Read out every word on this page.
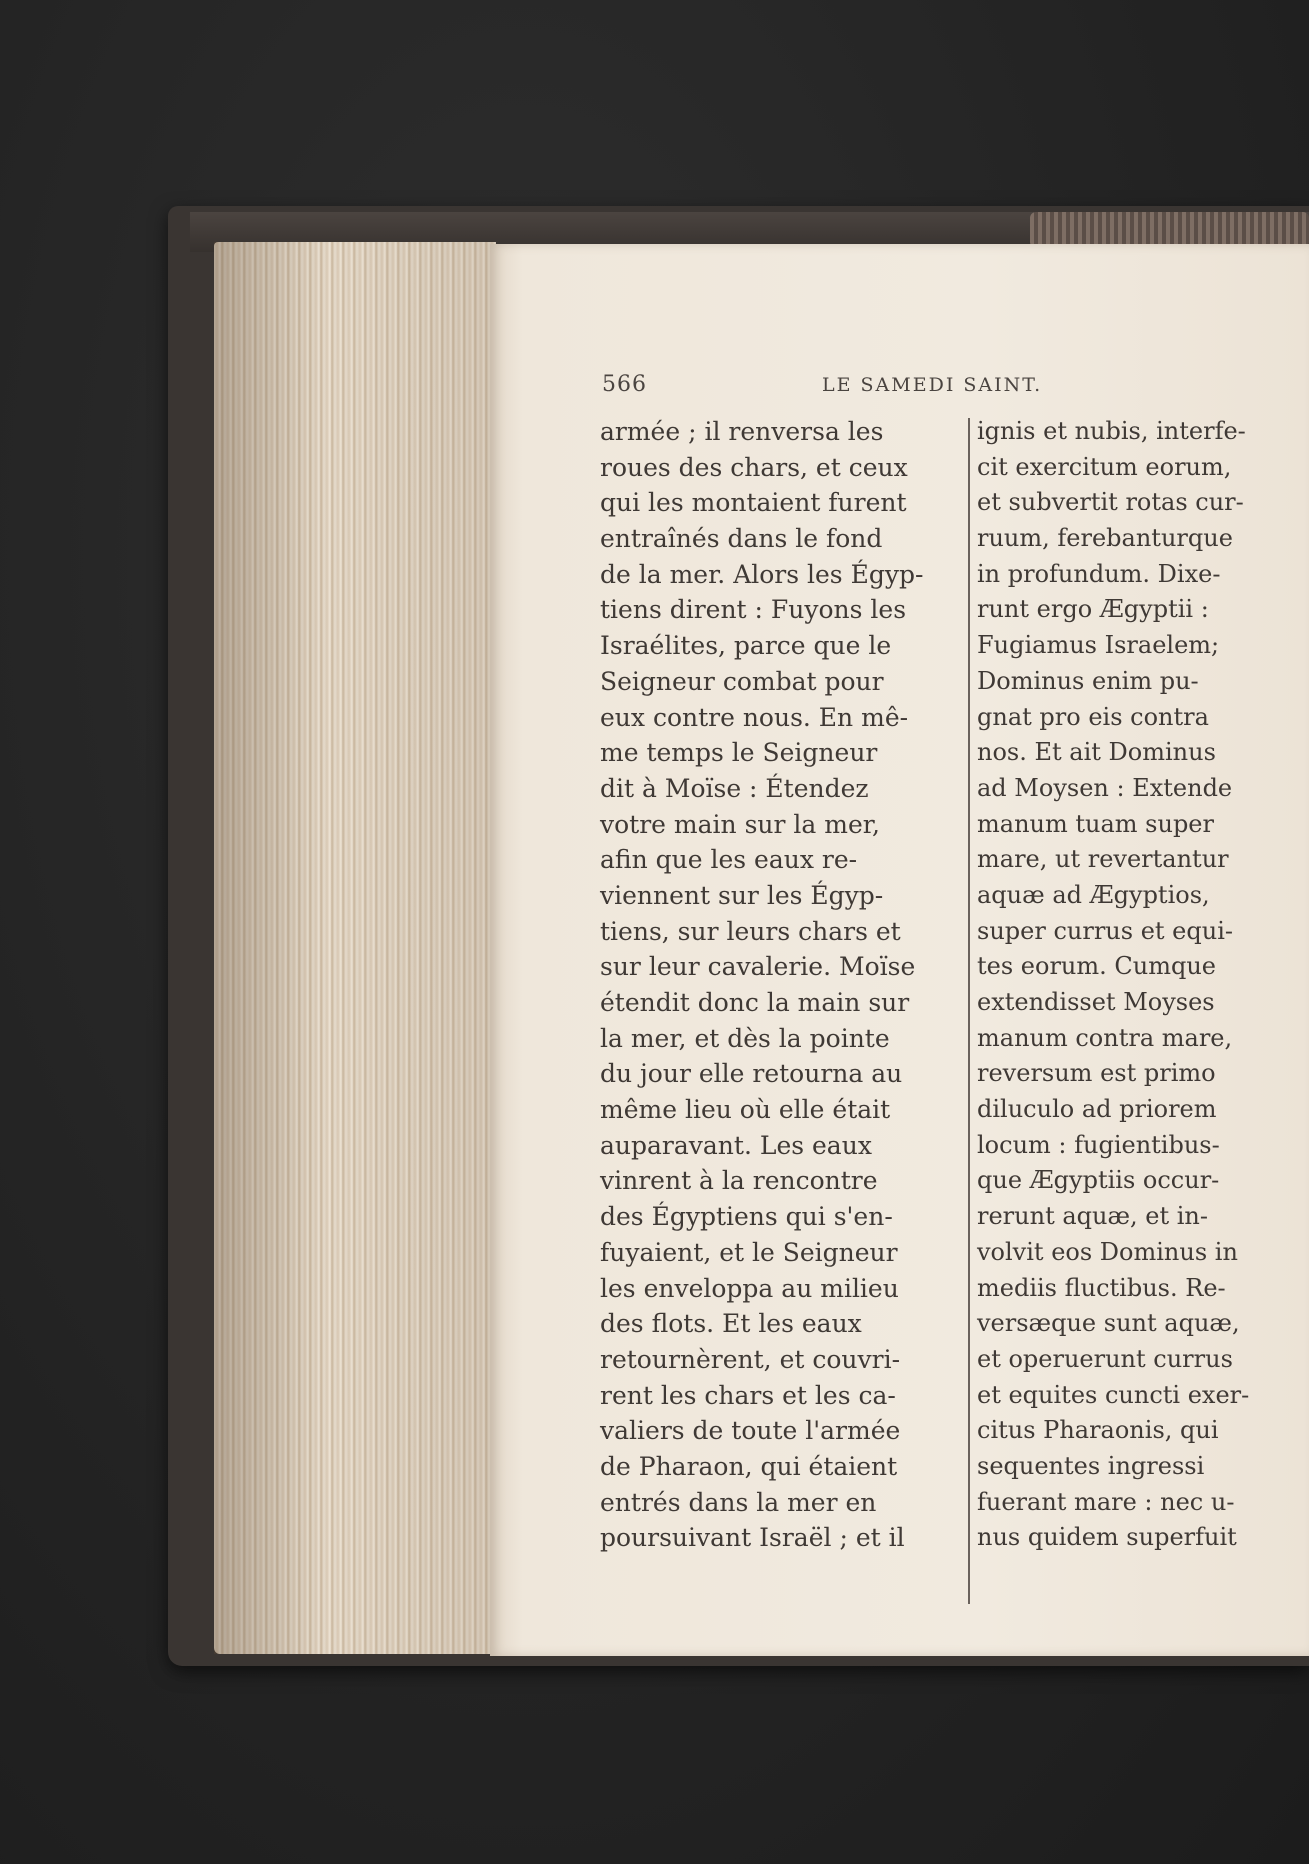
566	LE SAMEDI SAINT.
armée ; il renversa les
roues des chars, et ceux
qui les montaient furent
entraînés dans le fond
de la mer. Alors les Égyp-
tiens dirent : Fuyons les
Israélites, parce que le
Seigneur combat pour
eux contre nous. En mê-
me temps le Seigneur
dit à Moïse : Étendez
votre main sur la mer,
afin que les eaux re-
viennent sur les Égyp-
tiens, sur leurs chars et
sur leur cavalerie. Moïse
étendit donc la main sur
la mer, et dès la pointe
du jour elle retourna au
même lieu où elle était
auparavant. Les eaux
vinrent à la rencontre
des Égyptiens qui s'en-
fuyaient, et le Seigneur
les enveloppa au milieu
des flots. Et les eaux
retournèrent, et couvri-
rent les chars et les ca-
valiers de toute l'armée
de Pharaon, qui étaient
entrés dans la mer en
poursuivant Israël ; et il
ignis et nubis, interfe-
cit exercitum eorum,
et subvertit rotas cur-
ruum, ferebanturque
in profundum. Dixe-
runt ergo Ægyptii :
Fugiamus Israelem;
Dominus enim pu-
gnat pro eis contra
nos. Et ait Dominus
ad Moysen : Extende
manum tuam super
mare, ut revertantur
aquæ ad Ægyptios,
super currus et equi-
tes eorum. Cumque
extendisset Moyses
manum contra mare,
reversum est primo
diluculo ad priorem
locum : fugientibus-
que Ægyptiis occur-
rerunt aquæ, et in-
volvit eos Dominus in
mediis fluctibus. Re-
versæque sunt aquæ,
et operuerunt currus
et equites cuncti exer-
citus Pharaonis, qui
sequentes ingressi
fuerant mare : nec u-
nus quidem superfuit
